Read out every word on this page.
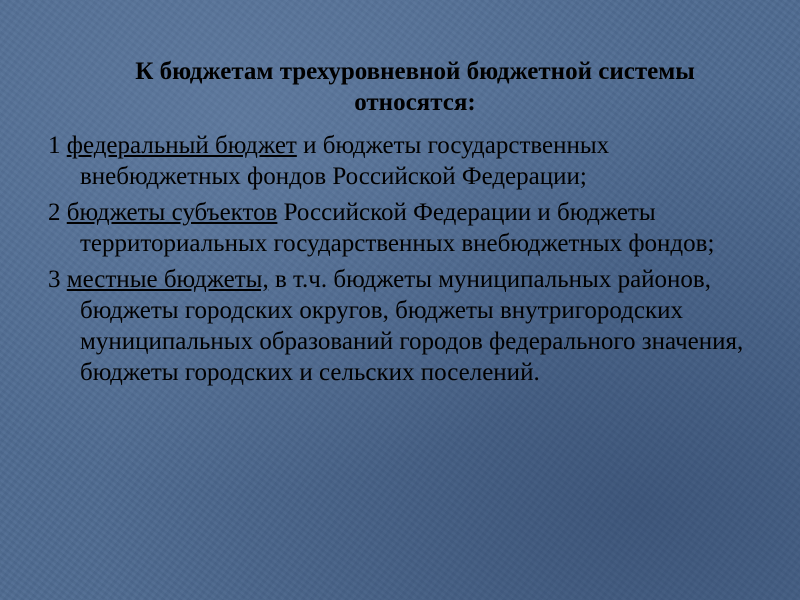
К бюджетам трехуровневной бюджетной системы относятся:
1 федеральный бюджет и бюджеты государственных внебюджетных фондов Российской Федерации;
2 бюджеты субъектов Российской Федерации и бюджеты территориальных государственных внебюджетных фондов;
3 местные бюджеты, в т.ч. бюджеты муниципальных районов, бюджеты городских округов, бюджеты внутригородских муниципальных образований городов федерального значения, бюджеты городских и сельских поселений.
